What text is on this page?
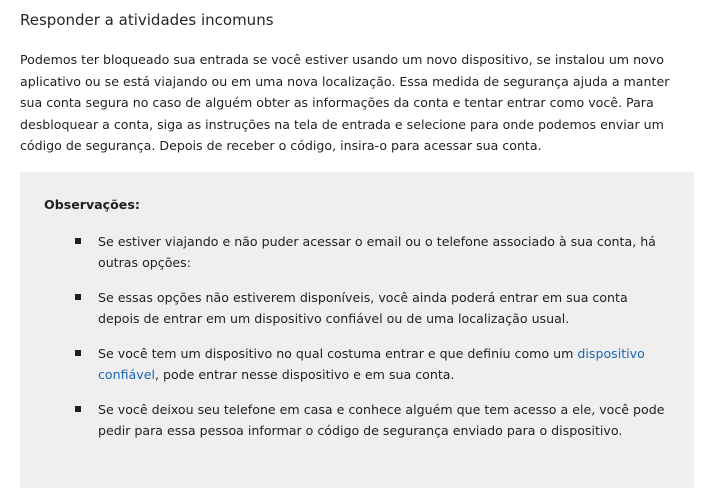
Responder a atividades incomuns

Podemos ter bloqueado sua entrada se você estiver usando um novo dispositivo, se instalou um novo aplicativo ou se está viajando ou em uma nova localização. Essa medida de segurança ajuda a manter sua conta segura no caso de alguém obter as informações da conta e tentar entrar como você. Para desbloquear a conta, siga as instruções na tela de entrada e selecione para onde podemos enviar um código de segurança. Depois de receber o código, insira-o para acessar sua conta.

Observações:
Se estiver viajando e não puder acessar o email ou o telefone associado à sua conta, há outras opções:
Se essas opções não estiverem disponíveis, você ainda poderá entrar em sua conta depois de entrar em um dispositivo confiável ou de uma localização usual.
Se você tem um dispositivo no qual costuma entrar e que definiu como um dispositivo confiável, pode entrar nesse dispositivo e em sua conta.
Se você deixou seu telefone em casa e conhece alguém que tem acesso a ele, você pode pedir para essa pessoa informar o código de segurança enviado para o dispositivo.
